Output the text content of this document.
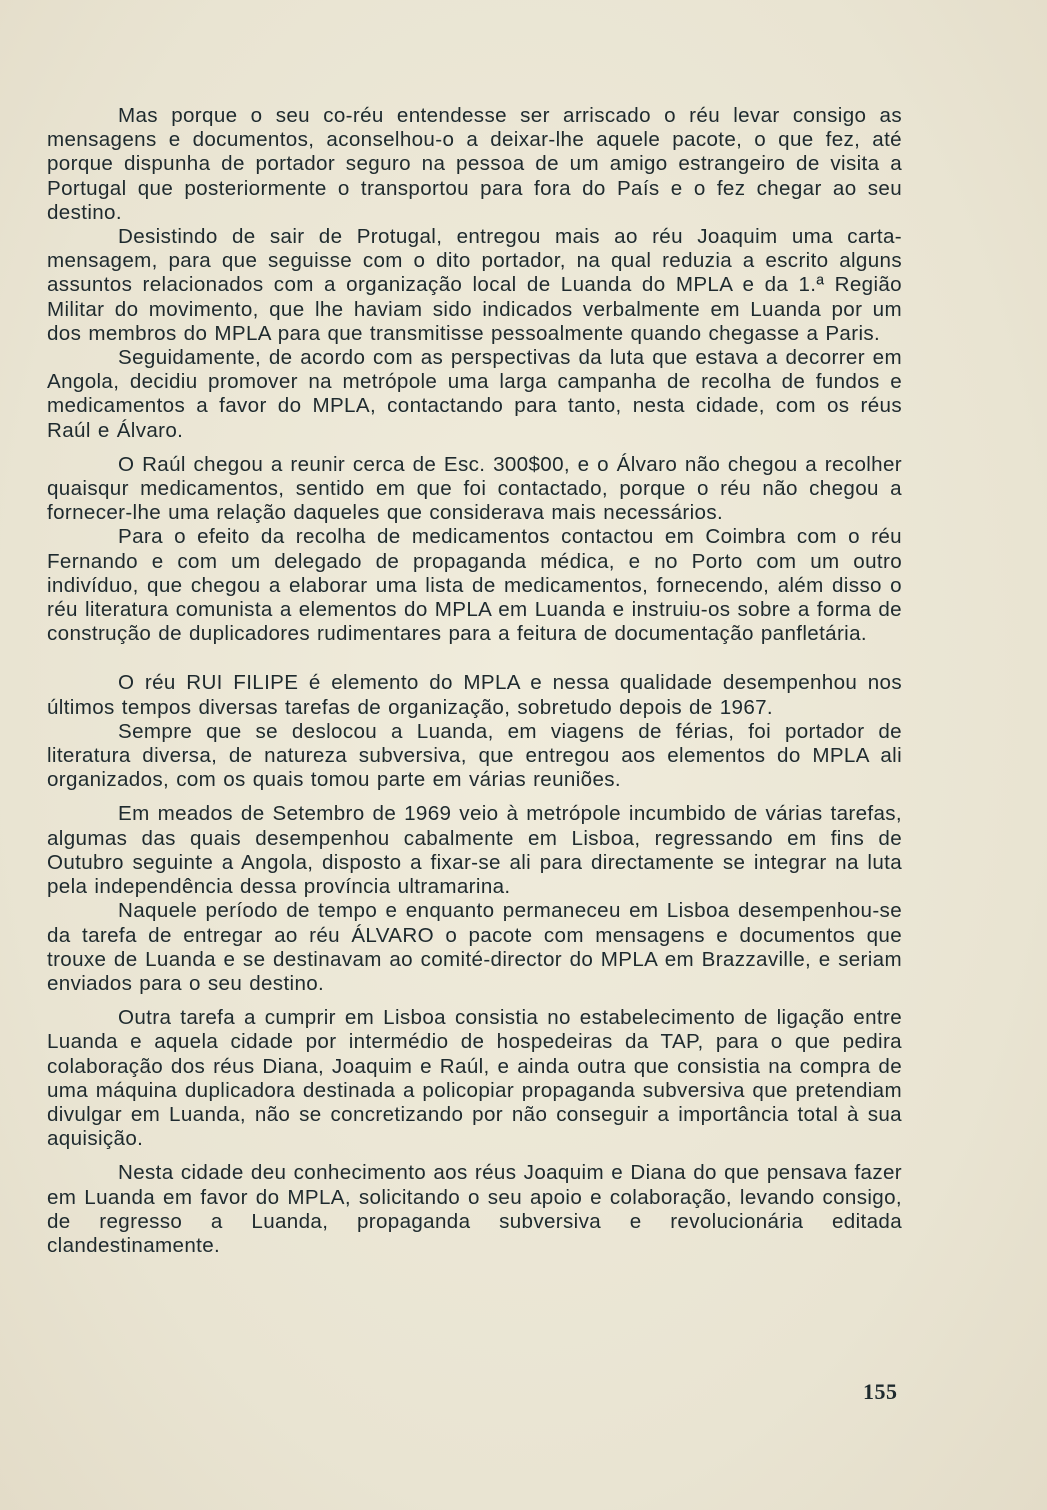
Mas porque o seu co-réu entendesse ser arriscado o réu levar consigo as mensagens e documentos, aconselhou-o a deixar-lhe aquele pacote, o que fez, até porque dispunha de portador seguro na pessoa de um amigo estrangeiro de visita a Portugal que posteriormente o transportou para fora do País e o fez chegar ao seu destino.

Desistindo de sair de Protugal, entregou mais ao réu Joaquim uma carta-mensagem, para que seguisse com o dito portador, na qual reduzia a escrito alguns assuntos relacionados com a organização local de Luanda do MPLA e da 1.ª Região Militar do movimento, que lhe haviam sido indicados verbalmente em Luanda por um dos membros do MPLA para que transmitisse pessoalmente quando chegasse a Paris.

Seguidamente, de acordo com as perspectivas da luta que estava a decorrer em Angola, decidiu promover na metrópole uma larga campanha de recolha de fundos e medicamentos a favor do MPLA, contactando para tanto, nesta cidade, com os réus Raúl e Álvaro.

O Raúl chegou a reunir cerca de Esc. 300$00, e o Álvaro não chegou a recolher quaisqur medicamentos, sentido em que foi contactado, porque o réu não chegou a fornecer-lhe uma relação daqueles que considerava mais necessários.

Para o efeito da recolha de medicamentos contactou em Coimbra com o réu Fernando e com um delegado de propaganda médica, e no Porto com um outro indivíduo, que chegou a elaborar uma lista de medicamentos, fornecendo, além disso o réu literatura comunista a elementos do MPLA em Luanda e instruiu-os sobre a forma de construção de duplicadores rudimentares para a feitura de documentação panfletária.

O réu RUI FILIPE é elemento do MPLA e nessa qualidade desempenhou nos últimos tempos diversas tarefas de organização, sobretudo depois de 1967.

Sempre que se deslocou a Luanda, em viagens de férias, foi portador de literatura diversa, de natureza subversiva, que entregou aos elementos do MPLA ali organizados, com os quais tomou parte em várias reuniões.

Em meados de Setembro de 1969 veio à metrópole incumbido de várias tarefas, algumas das quais desempenhou cabalmente em Lisboa, regressando em fins de Outubro seguinte a Angola, disposto a fixar-se ali para directamente se integrar na luta pela independência dessa província ultramarina.

Naquele período de tempo e enquanto permaneceu em Lisboa desempenhou-se da tarefa de entregar ao réu ÁLVARO o pacote com mensagens e documentos que trouxe de Luanda e se destinavam ao comité-director do MPLA em Brazzaville, e seriam enviados para o seu destino.

Outra tarefa a cumprir em Lisboa consistia no estabelecimento de ligação entre Luanda e aquela cidade por intermédio de hospedeiras da TAP, para o que pedira colaboração dos réus Diana, Joaquim e Raúl, e ainda outra que consistia na compra de uma máquina duplicadora destinada a policopiar propaganda subversiva que pretendiam divulgar em Luanda, não se concretizando por não conseguir a importância total à sua aquisição.

Nesta cidade deu conhecimento aos réus Joaquim e Diana do que pensava fazer em Luanda em favor do MPLA, solicitando o seu apoio e colaboração, levando consigo, de regresso a Luanda, propaganda subversiva e revolucionária editada clandestinamente.

155
